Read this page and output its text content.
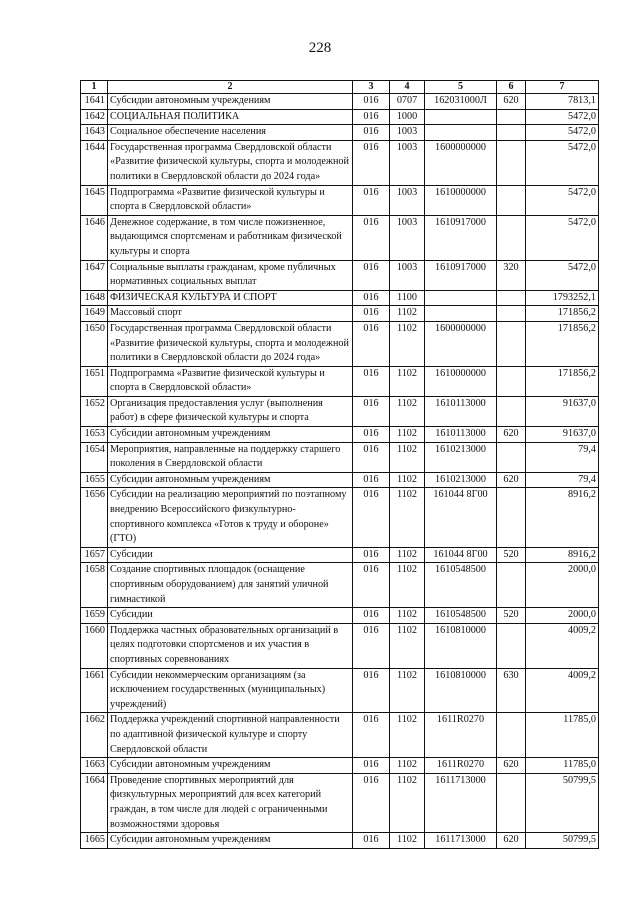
228
1	2	3	4	5	6	7
1641	Субсидии автономным учреждениям	016	0707	162031000Л	620	7813,1
1642	СОЦИАЛЬНАЯ ПОЛИТИКА	016	1000			5472,0
1643	Социальное обеспечение населения	016	1003			5472,0
1644	Государственная программа Свердловской области «Развитие физической культуры, спорта и молодежной политики в Свердловской области до 2024 года»	016	1003	1600000000		5472,0
1645	Подпрограмма «Развитие физической культуры и спорта в Свердловской области»	016	1003	1610000000		5472,0
1646	Денежное содержание, в том числе пожизненное, выдающимся спортсменам и работникам физической культуры и спорта	016	1003	1610917000		5472,0
1647	Социальные выплаты гражданам, кроме публичных нормативных социальных выплат	016	1003	1610917000	320	5472,0
1648	ФИЗИЧЕСКАЯ КУЛЬТУРА И СПОРТ	016	1100			1793252,1
1649	Массовый спорт	016	1102			171856,2
1650	Государственная программа Свердловской области «Развитие физической культуры, спорта и молодежной политики в Свердловской области до 2024 года»	016	1102	1600000000		171856,2
1651	Подпрограмма «Развитие физической культуры и спорта в Свердловской области»	016	1102	1610000000		171856,2
1652	Организация предоставления услуг (выполнения работ) в сфере физической культуры и спорта	016	1102	1610113000		91637,0
1653	Субсидии автономным учреждениям	016	1102	1610113000	620	91637,0
1654	Мероприятия, направленные на поддержку старшего поколения в Свердловской области	016	1102	1610213000		79,4
1655	Субсидии автономным учреждениям	016	1102	1610213000	620	79,4
1656	Субсидии на реализацию мероприятий по поэтапному внедрению Всероссийского физкультурно-спортивного комплекса «Готов к труду и обороне» (ГТО)	016	1102	161044 8Г00		8916,2
1657	Субсидии	016	1102	161044 8Г00	520	8916,2
1658	Создание спортивных площадок (оснащение спортивным оборудованием) для занятий уличной гимнастикой	016	1102	1610548500		2000,0
1659	Субсидии	016	1102	1610548500	520	2000,0
1660	Поддержка частных образовательных организаций в целях подготовки спортсменов и их участия в спортивных соревнованиях	016	1102	1610810000		4009,2
1661	Субсидии некоммерческим организациям (за исключением государственных (муниципальных) учреждений)	016	1102	1610810000	630	4009,2
1662	Поддержка учреждений спортивной направленности по адаптивной физической культуре и спорту Свердловской области	016	1102	1611R0270		11785,0
1663	Субсидии автономным учреждениям	016	1102	1611R0270	620	11785,0
1664	Проведение спортивных мероприятий для физкультурных мероприятий для всех категорий граждан, в том числе для людей с ограниченными возможностями здоровья	016	1102	1611713000		50799,5
1665	Субсидии автономным учреждениям	016	1102	1611713000	620	50799,5
